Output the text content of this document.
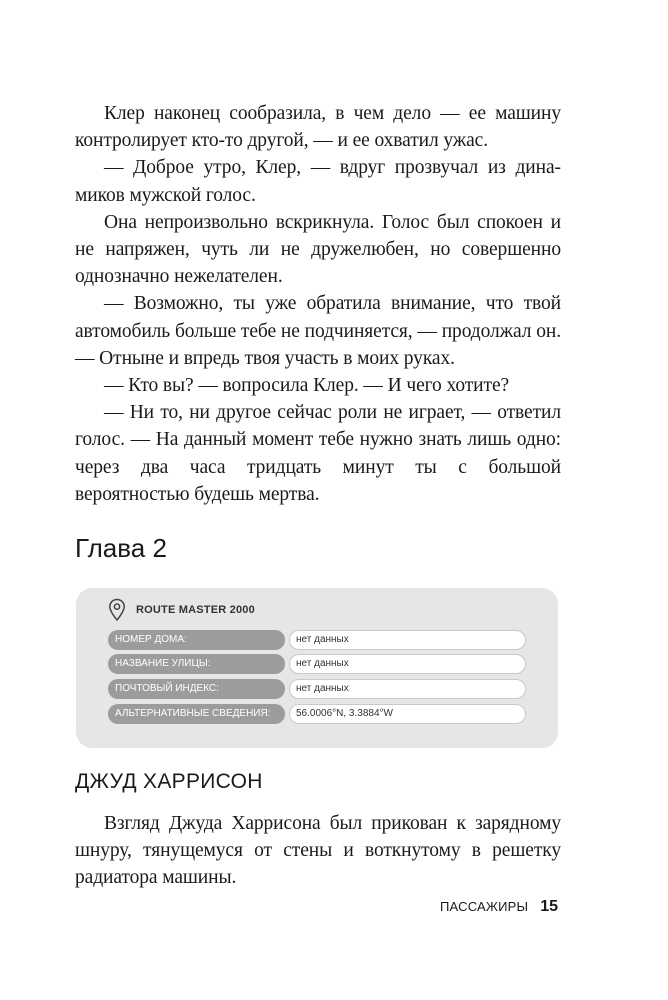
Клер наконец сообразила, в чем дело — ее машину контролирует кто-то другой, — и ее охватил ужас.

— Доброе утро, Клер, — вдруг прозвучал из динамиков мужской голос.

Она непроизвольно вскрикнула. Голос был спокоен и не напряжен, чуть ли не дружелюбен, но совершенно однозначно нежелателен.

— Возможно, ты уже обратила внимание, что твой автомобиль больше тебе не подчиняется, — продолжал он. — Отныне и впредь твоя участь в моих руках.

— Кто вы? — вопросила Клер. — И чего хотите?

— Ни то, ни другое сейчас роли не играет, — ответил голос. — На данный момент тебе нужно знать лишь одно: через два часа тридцать минут ты с большой вероятностью будешь мертва.

Глава 2
ROUTE MASTER 2000
НОМЕР ДОМА:	нет данных
НАЗВАНИЕ УЛИЦЫ:	нет данных
ПОЧТОВЫЙ ИНДЕКС:	нет данных
АЛЬТЕРНАТИВНЫЕ СВЕДЕНИЯ:	56.0006°N, 3.3884°W
ДЖУД ХАРРИСОН

Взгляд Джуда Харрисона был прикован к зарядному шнуру, тянущемуся от стены и воткнутому в решетку радиатора машины.

ПАССАЖИРЫ 15
